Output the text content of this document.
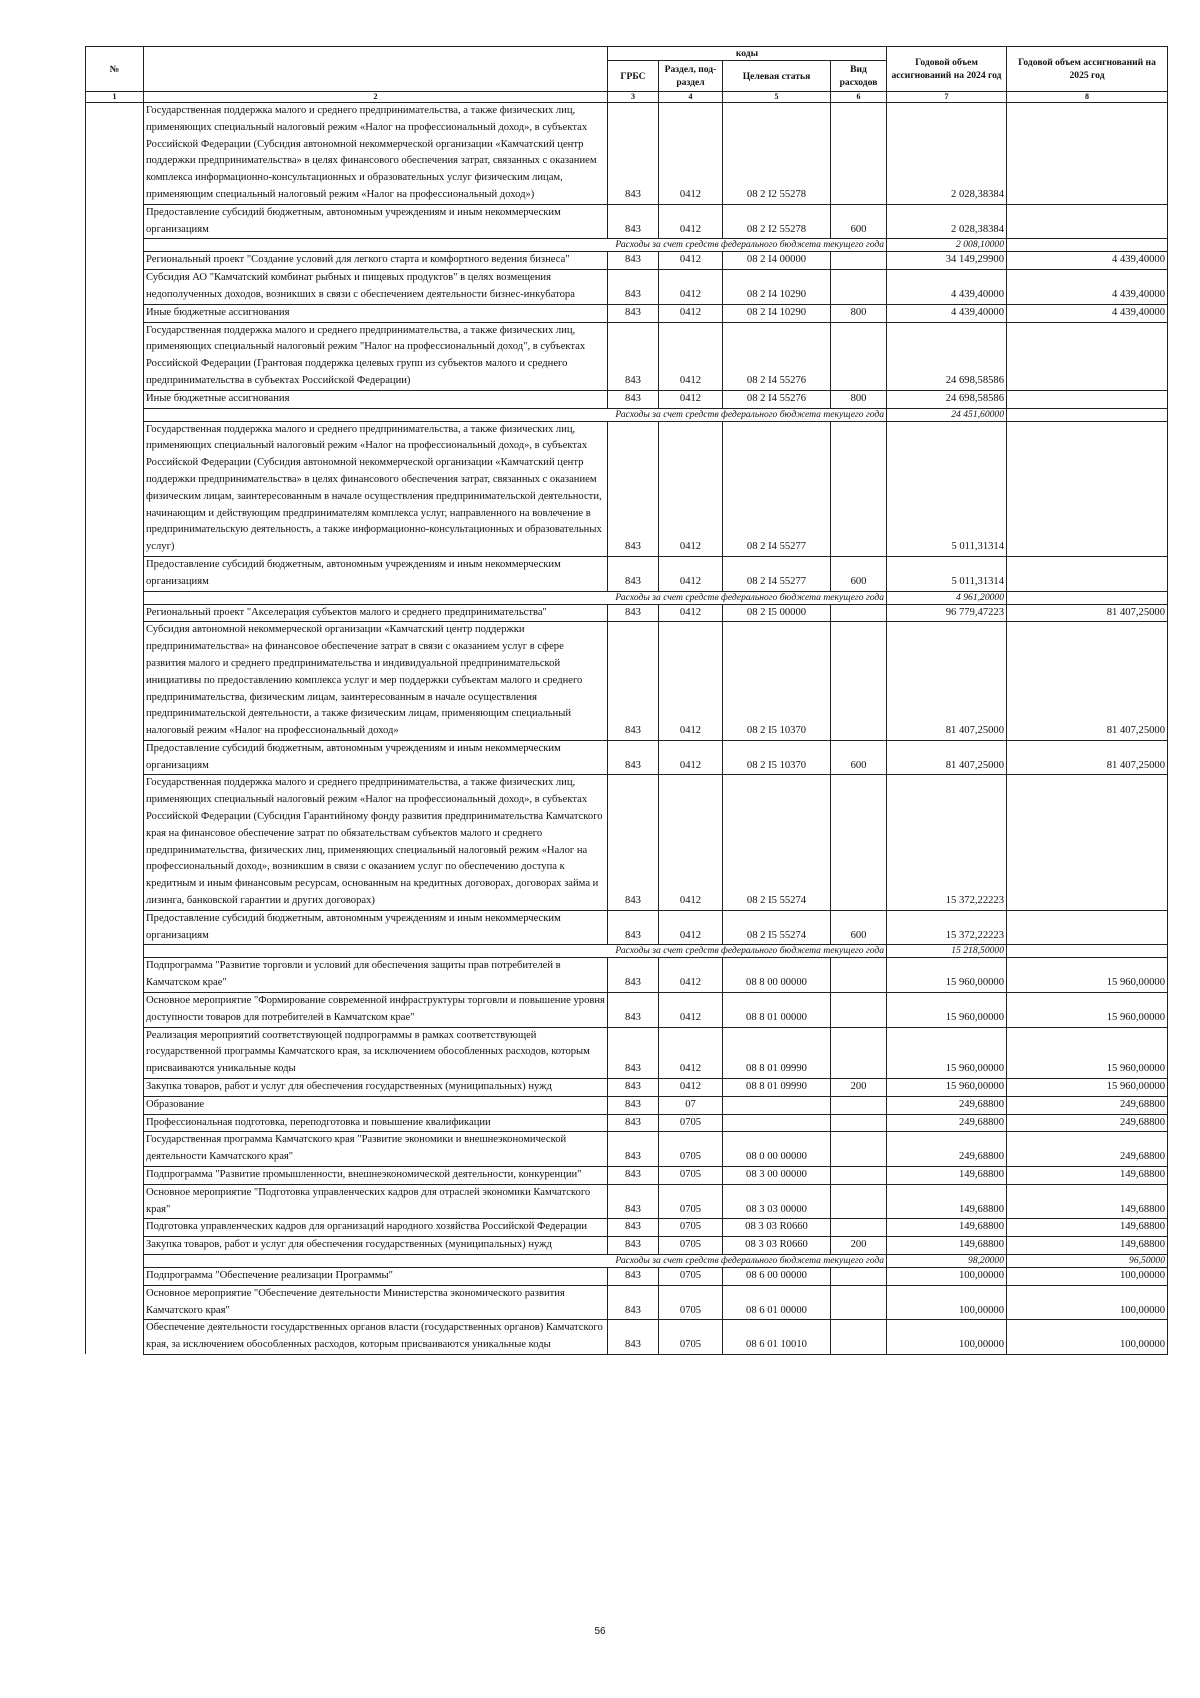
№		коды				Годовой объем ассигнований на 2024 год	Годовой объем ассигнований на 2025 год
		ГРБС	Раздел, под-раздел	Целевая статья	Вид расходов		
1	2	3	4	5	6	7	8
	Государственная поддержка малого и среднего предпринимательства, а также физических лиц, применяющих специальный налоговый режим «Налог на профессиональный доход», в субъектах Российской Федерации (Субсидия автономной некоммерческой организации «Камчатский центр поддержки предпринимательства» в целях финансового обеспечения затрат, связанных с оказанием комплекса информационно-консультационных и образовательных услуг физическим лицам, применяющим специальный налоговый режим «Налог на профессиональный доход»)	843	0412	08 2 I2 55278		2 028,38384	
	Предоставление субсидий бюджетным, автономным учреждениям и иным некоммерческим организациям	843	0412	08 2 I2 55278	600	2 028,38384	
	Расходы за счет средств федерального бюджета текущего года					2 008,10000	
	Региональный проект "Создание условий для легкого старта и комфортного ведения бизнеса"	843	0412	08 2 I4 00000		34 149,29900	4 439,40000
	Субсидия АО "Камчатский комбинат рыбных и пищевых продуктов" в целях возмещения недополученных доходов, возникших в связи с обеспечением деятельности бизнес-инкубатора	843	0412	08 2 I4 10290		4 439,40000	4 439,40000
	Иные бюджетные ассигнования	843	0412	08 2 I4 10290	800	4 439,40000	4 439,40000
	Государственная поддержка малого и среднего предпринимательства, а также физических лиц, применяющих специальный налоговый режим "Налог на профессиональный доход", в субъектах Российской Федерации (Грантовая поддержка целевых групп из субъектов малого и среднего предпринимательства в субъектах Российской Федерации)	843	0412	08 2 I4 55276		24 698,58586	
	Иные бюджетные ассигнования	843	0412	08 2 I4 55276	800	24 698,58586	
	Расходы за счет средств федерального бюджета текущего года					24 451,60000	
	Государственная поддержка малого и среднего предпринимательства, а также физических лиц, применяющих специальный налоговый режим «Налог на профессиональный доход», в субъектах Российской Федерации (Субсидия автономной некоммерческой организации «Камчатский центр поддержки предпринимательства» в целях финансового обеспечения затрат, связанных с оказанием физическим лицам, заинтересованным в начале осуществления предпринимательской деятельности, начинающим и действующим предпринимателям комплекса услуг, направленного на вовлечение в предпринимательскую деятельность, а также информационно-консультационных и образовательных услуг)	843	0412	08 2 I4 55277		5 011,31314	
	Предоставление субсидий бюджетным, автономным учреждениям и иным некоммерческим организациям	843	0412	08 2 I4 55277	600	5 011,31314	
	Расходы за счет средств федерального бюджета текущего года					4 961,20000	
	Региональный проект "Акселерация субъектов малого и среднего предпринимательства"	843	0412	08 2 I5 00000		96 779,47223	81 407,25000
	Субсидия автономной некоммерческой организации «Камчатский центр поддержки предпринимательства» на финансовое обеспечение затрат в связи с оказанием услуг в сфере развития малого и среднего предпринимательства и индивидуальной предпринимательской инициативы по предоставлению комплекса услуг и мер поддержки субъектам малого и среднего предпринимательства, физическим лицам, заинтересованным в начале осуществления предпринимательской деятельности, а также физическим лицам, применяющим специальный налоговый режим «Налог на профессиональный доход»	843	0412	08 2 I5 10370		81 407,25000	81 407,25000
	Предоставление субсидий бюджетным, автономным учреждениям и иным некоммерческим организациям	843	0412	08 2 I5 10370	600	81 407,25000	81 407,25000
	Государственная поддержка малого и среднего предпринимательства, а также физических лиц, применяющих специальный налоговый режим «Налог на профессиональный доход», в субъектах Российской Федерации (Субсидия Гарантийному фонду развития предпринимательства Камчатского края на финансовое обеспечение затрат по обязательствам субъектов малого и среднего предпринимательства, физических лиц, применяющих специальный налоговый режим «Налог на профессиональный доход», возникшим в связи с оказанием услуг по обеспечению доступа к кредитным и иным финансовым ресурсам, основанным на кредитных договорах, договорах займа и лизинга, банковской гарантии и других договорах)	843	0412	08 2 I5 55274		15 372,22223	
	Предоставление субсидий бюджетным, автономным учреждениям и иным некоммерческим организациям	843	0412	08 2 I5 55274	600	15 372,22223	
	Расходы за счет средств федерального бюджета текущего года					15 218,50000	
	Подпрограмма "Развитие торговли и условий для обеспечения защиты прав потребителей в Камчатском крае"	843	0412	08 8 00 00000		15 960,00000	15 960,00000
	Основное мероприятие "Формирование современной инфраструктуры торговли и повышение уровня доступности товаров для потребителей в Камчатском крае"	843	0412	08 8 01 00000		15 960,00000	15 960,00000
	Реализация мероприятий соответствующей подпрограммы в рамках соответствующей государственной программы Камчатского края, за исключением обособленных расходов, которым присваиваются уникальные коды	843	0412	08 8 01 09990		15 960,00000	15 960,00000
	Закупка товаров, работ и услуг для обеспечения государственных (муниципальных) нужд	843	0412	08 8 01 09990	200	15 960,00000	15 960,00000
	Образование	843	07			249,68800	249,68800
	Профессиональная подготовка, переподготовка и повышение квалификации	843	0705			249,68800	249,68800
	Государственная программа Камчатского края "Развитие экономики и внешнеэкономической деятельности Камчатского края"	843	0705	08 0 00 00000		249,68800	249,68800
	Подпрограмма "Развитие промышленности, внешнеэкономической деятельности, конкуренции"	843	0705	08 3 00 00000		149,68800	149,68800
	Основное мероприятие "Подготовка управленческих кадров для отраслей экономики Камчатского края"	843	0705	08 3 03 00000		149,68800	149,68800
	Подготовка управленческих кадров для организаций народного хозяйства Российской Федерации	843	0705	08 3 03 R0660		149,68800	149,68800
	Закупка товаров, работ и услуг для обеспечения государственных (муниципальных) нужд	843	0705	08 3 03 R0660	200	149,68800	149,68800
	Расходы за счет средств федерального бюджета текущего года					98,20000	96,50000
	Подпрограмма "Обеспечение реализации Программы"	843	0705	08 6 00 00000		100,00000	100,00000
	Основное мероприятие "Обеспечение деятельности Министерства экономического развития Камчатского края"	843	0705	08 6 01 00000		100,00000	100,00000
	Обеспечение деятельности государственных органов власти (государственных органов) Камчатского края, за исключением обособленных расходов, которым присваиваются уникальные коды	843	0705	08 6 01 10010		100,00000	100,00000
56
